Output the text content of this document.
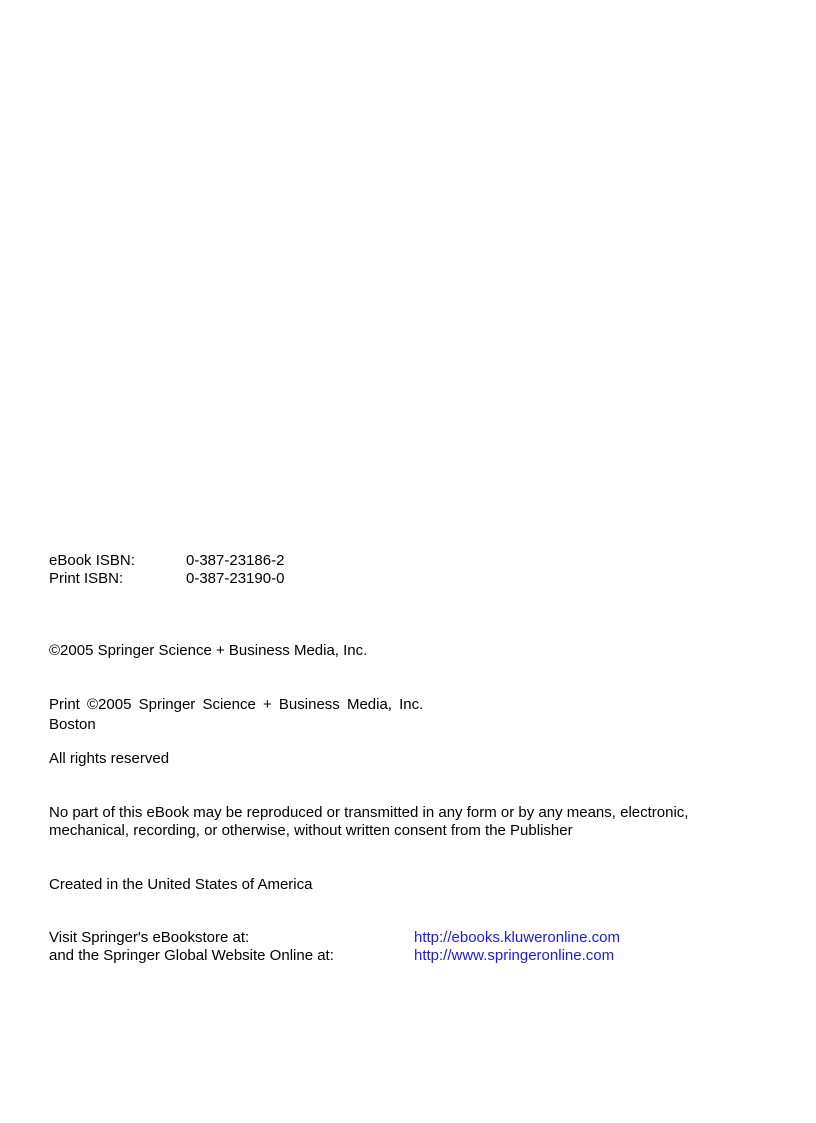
eBook ISBN:	0-387-23186-2
Print ISBN:	0-387-23190-0
©2005 Springer Science + Business Media, Inc.
Print ©2005 Springer Science + Business Media, Inc.
Boston
All rights reserved
No part of this eBook may be reproduced or transmitted in any form or by any means, electronic,
mechanical, recording, or otherwise, without written consent from the Publisher
Created in the United States of America
Visit Springer's eBookstore at:	http://ebooks.kluweronline.com
and the Springer Global Website Online at:	http://www.springeronline.com
